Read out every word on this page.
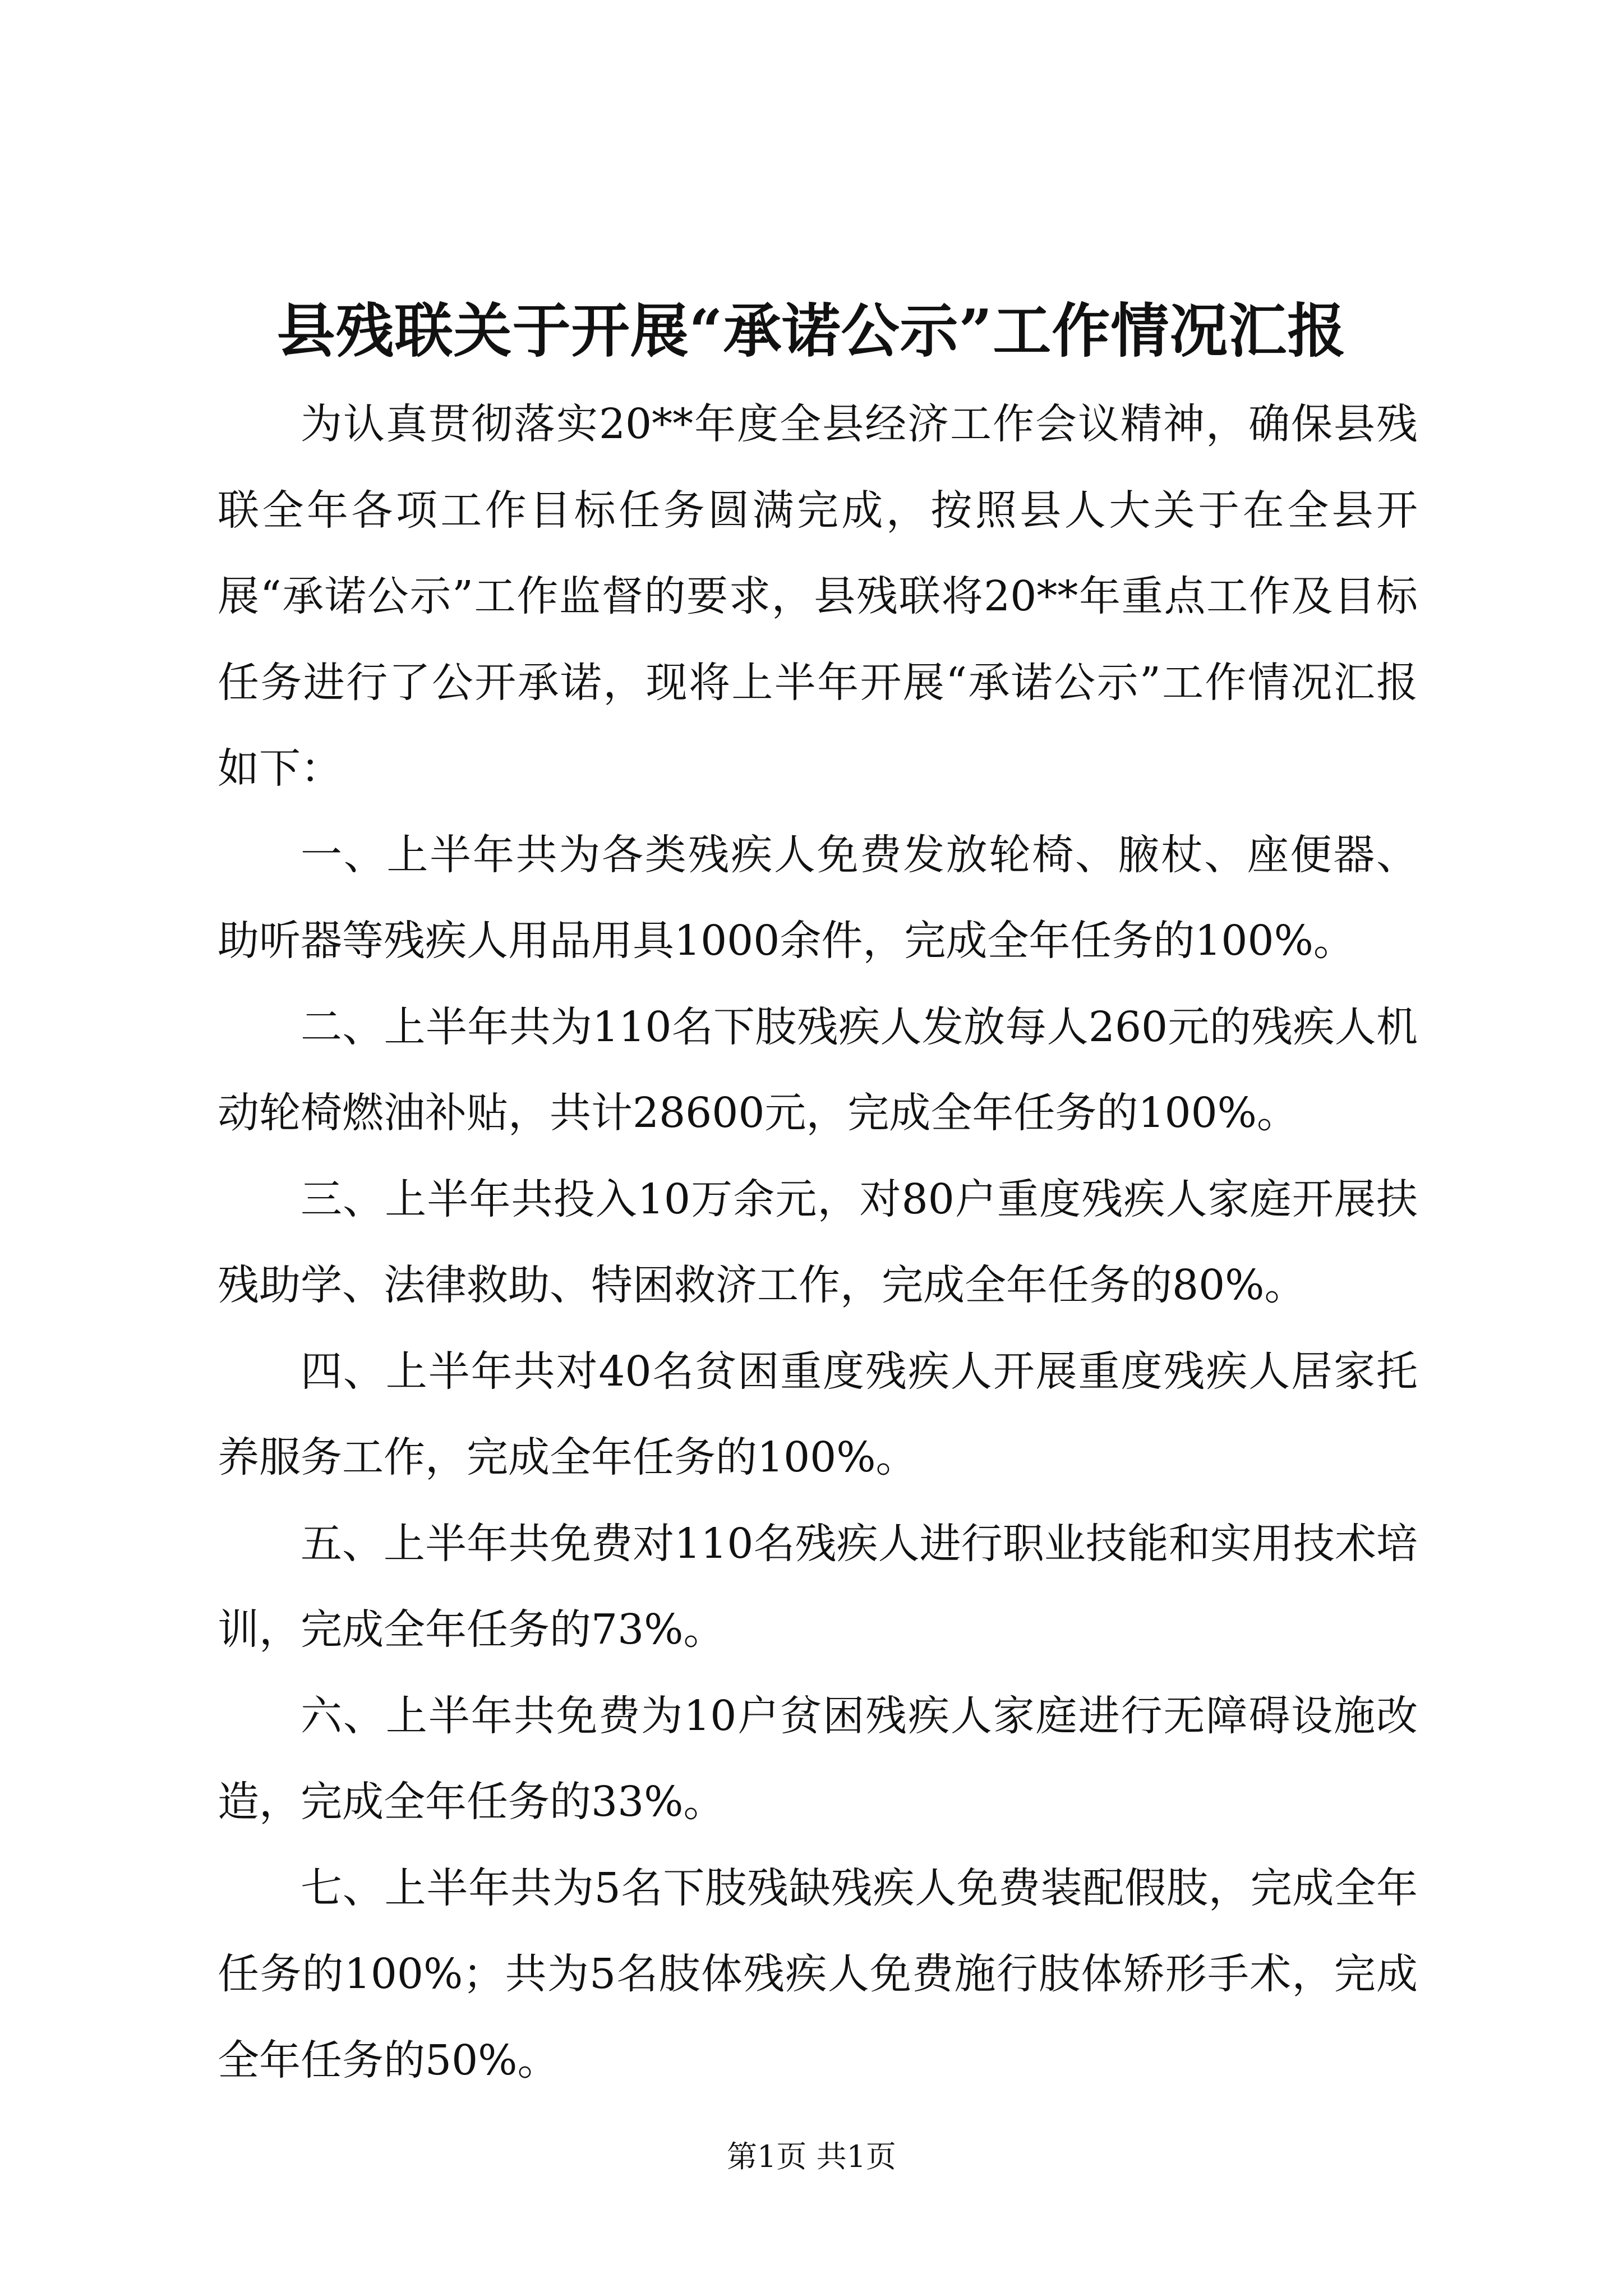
县残联关于开展“承诺公示”工作情况汇报

为认真贯彻落实20**年度全县经济工作会议精神，确保县残联全年各项工作目标任务圆满完成，按照县人大关于在全县开展“承诺公示”工作监督的要求，县残联将20**年重点工作及目标任务进行了公开承诺，现将上半年开展“承诺公示”工作情况汇报如下：

一、上半年共为各类残疾人免费发放轮椅、腋杖、座便器、助听器等残疾人用品用具1000余件，完成全年任务的100%。

二、上半年共为110名下肢残疾人发放每人260元的残疾人机动轮椅燃油补贴，共计28600元，完成全年任务的100%。

三、上半年共投入10万余元，对80户重度残疾人家庭开展扶残助学、法律救助、特困救济工作，完成全年任务的80%。

四、上半年共对40名贫困重度残疾人开展重度残疾人居家托养服务工作，完成全年任务的100%。

五、上半年共免费对110名残疾人进行职业技能和实用技术培训，完成全年任务的73%。

六、上半年共免费为10户贫困残疾人家庭进行无障碍设施改造，完成全年任务的33%。

七、上半年共为5名下肢残缺残疾人免费装配假肢，完成全年任务的100%；共为5名肢体残疾人免费施行肢体矫形手术，完成全年任务的50%。

第1页 共1页
